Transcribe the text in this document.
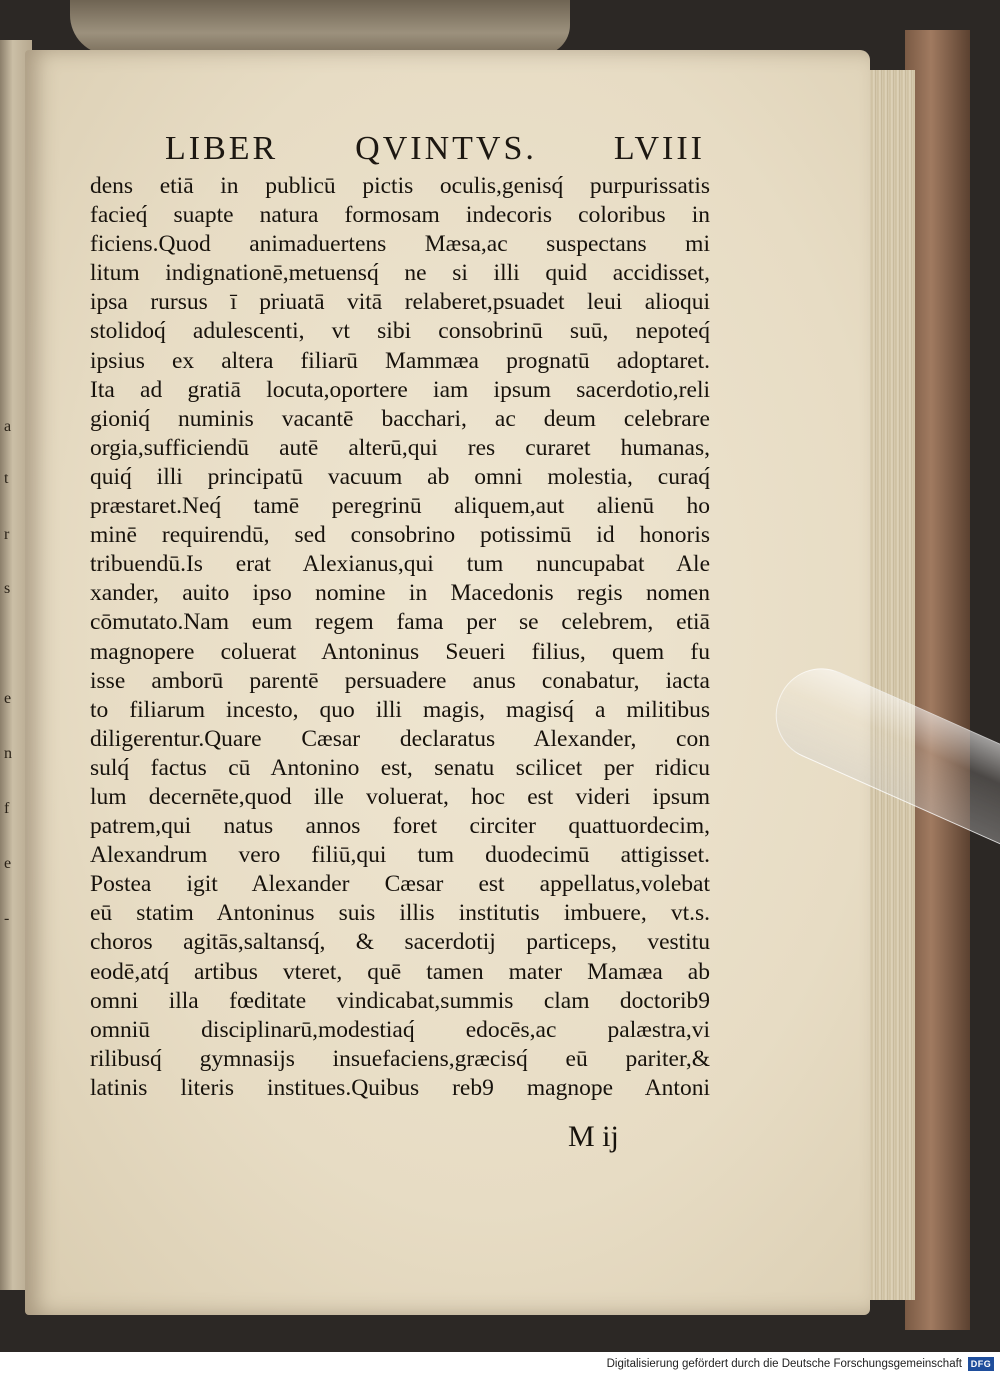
a
t
r
s
e
n
f
e
-
LIBER QVINTVS. LVIII
dens etiā in publicū pictis oculis,genisq́ purpurissatis
facieq́ suapte natura formosam indecoris coloribus in
ficiens.Quod animaduertens Mæsa,ac suspectans mi
litum indignationē,metuensq́ ne si illi quid accidisset,
ipsa rursus ī priuatā vitā relaberet,psuadet leui alioqui
stolidoq́ adulescenti, vt sibi consobrinū suū, nepoteq́
ipsius ex altera filiarū Mammæa prognatū adoptaret.
Ita ad gratiā locuta,oportere iam ipsum sacerdotio,reli
gioniq́ numinis vacantē bacchari, ac deum celebrare
orgia,sufficiendū autē alterū,qui res curaret humanas,
quiq́ illi principatū vacuum ab omni molestia, curaq́
præstaret.Neq́ tamē peregrinū aliquem,aut alienū ho
minē requirendū, sed consobrino potissimū id honoris
tribuendū.Is erat Alexianus,qui tum nuncupabat Ale
xander, auito ipso nomine in Macedonis regis nomen
cōmutato.Nam eum regem fama per se celebrem, etiā
magnopere coluerat Antoninus Seueri filius, quem fu
isse amborū parentē persuadere anus conabatur, iacta
to filiarum incesto, quo illi magis, magisq́ a militibus
diligerentur.Quare Cæsar declaratus Alexander, con
sulq́ factus cū Antonino est, senatu scilicet per ridicu
lum decernēte,quod ille voluerat, hoc est videri ipsum
patrem,qui natus annos foret circiter quattuordecim,
Alexandrum vero filiū,qui tum duodecimū attigisset.
Postea igit Alexander Cæsar est appellatus,volebat
eū statim Antoninus suis illis institutis imbuere, vt.s.
choros agitās,saltansq́, & sacerdotij particeps, vestitu
eodē,atq́ artibus vteret, quē tamen mater Mamæa ab
omni illa fœditate vindicabat,summis clam doctorib9
omniū disciplinarū,modestiaq́ edocēs,ac palæstra,vi
rilibusq́ gymnasijs insuefaciens,græcisq́ eū pariter,&
latinis literis institues.Quibus reb9 magnope Antoni
M ij
Digitalisierung gefördert durch die Deutsche Forschungsgemeinschaft DFG
